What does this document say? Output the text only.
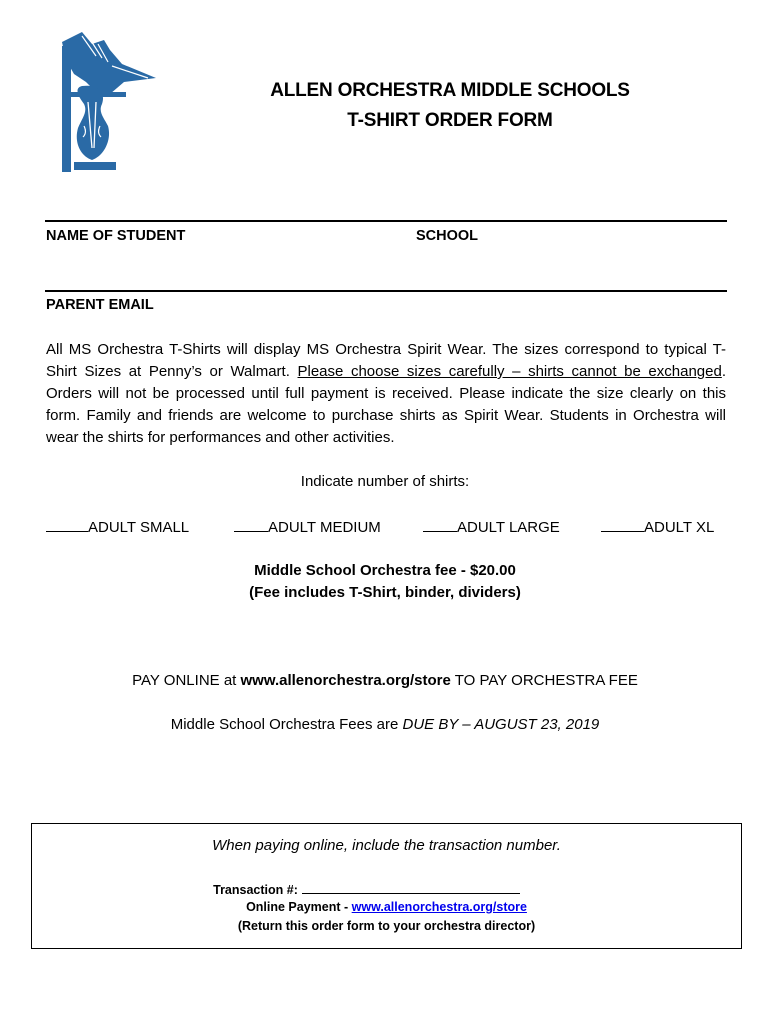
ALLEN ORCHESTRA MIDDLE SCHOOLS
T-SHIRT ORDER FORM
NAME OF STUDENT	SCHOOL
PARENT EMAIL
All MS Orchestra T-Shirts will display MS Orchestra Spirit Wear. The sizes correspond to typical T-Shirt Sizes at Penny’s or Walmart. Please choose sizes carefully – shirts cannot be exchanged. Orders will not be processed until full payment is received. Please indicate the size clearly on this form. Family and friends are welcome to purchase shirts as Spirit Wear. Students in Orchestra will wear the shirts for performances and other activities.
Indicate number of shirts:
ADULT SMALL	ADULT MEDIUM	ADULT LARGE	ADULT XL
Middle School Orchestra fee - $20.00
(Fee includes T-Shirt, binder, dividers)
PAY ONLINE at www.allenorchestra.org/store TO PAY ORCHESTRA FEE
Middle School Orchestra Fees are DUE BY – AUGUST 23, 2019
When paying online, include the transaction number.
Transaction #:
Online Payment - www.allenorchestra.org/store
(Return this order form to your orchestra director)
